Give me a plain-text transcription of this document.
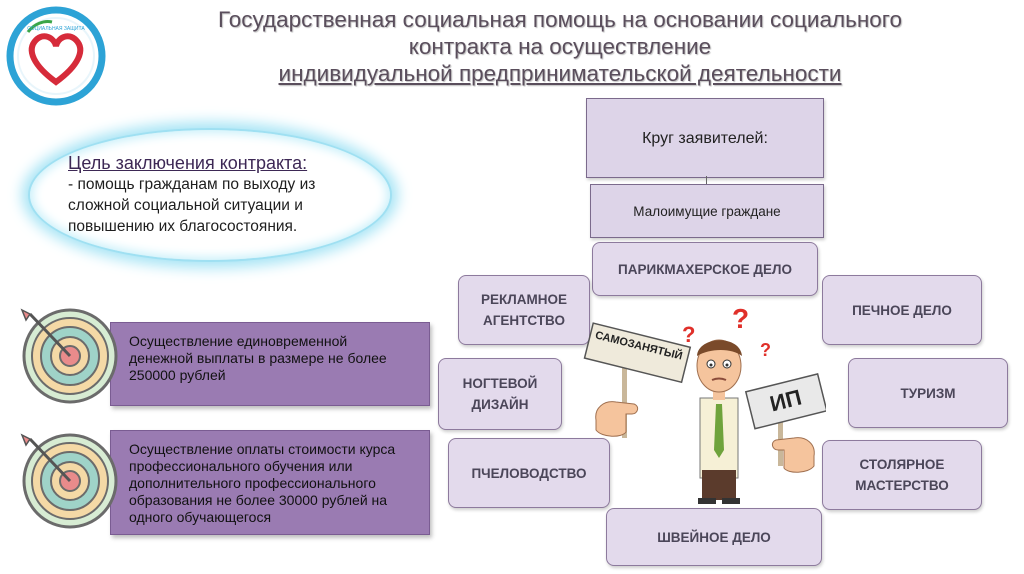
СОЦИАЛЬНАЯ ЗАЩИТА	Государственная социальная помощь на основании социального
контракта на осуществление
индивидуальной предпринимательской деятельности
Цель заключения контракта:
- помощь гражданам по выходу из
сложной социальной ситуации и
повышению их благосостояния.
Осуществление единовременной
денежной выплаты в размере не более
250000 рублей
Осуществление оплаты стоимости курса
профессионального обучения или
дополнительного профессионального
образования не более 30000 рублей на
одного обучающегося
Круг заявителей:
Малоимущие граждане
ПАРИКМАХЕРСКОЕ ДЕЛО
РЕКЛАМНОЕ
АГЕНТСТВО
ПЕЧНОЕ ДЕЛО
НОГТЕВОЙ
ДИЗАЙН
ТУРИЗМ
ПЧЕЛОВОДСТВО
СТОЛЯРНОЕ
МАСТЕРСТВО
ШВЕЙНОЕ ДЕЛО
?
?
?
САМОЗАНЯТЫЙ
ИП
